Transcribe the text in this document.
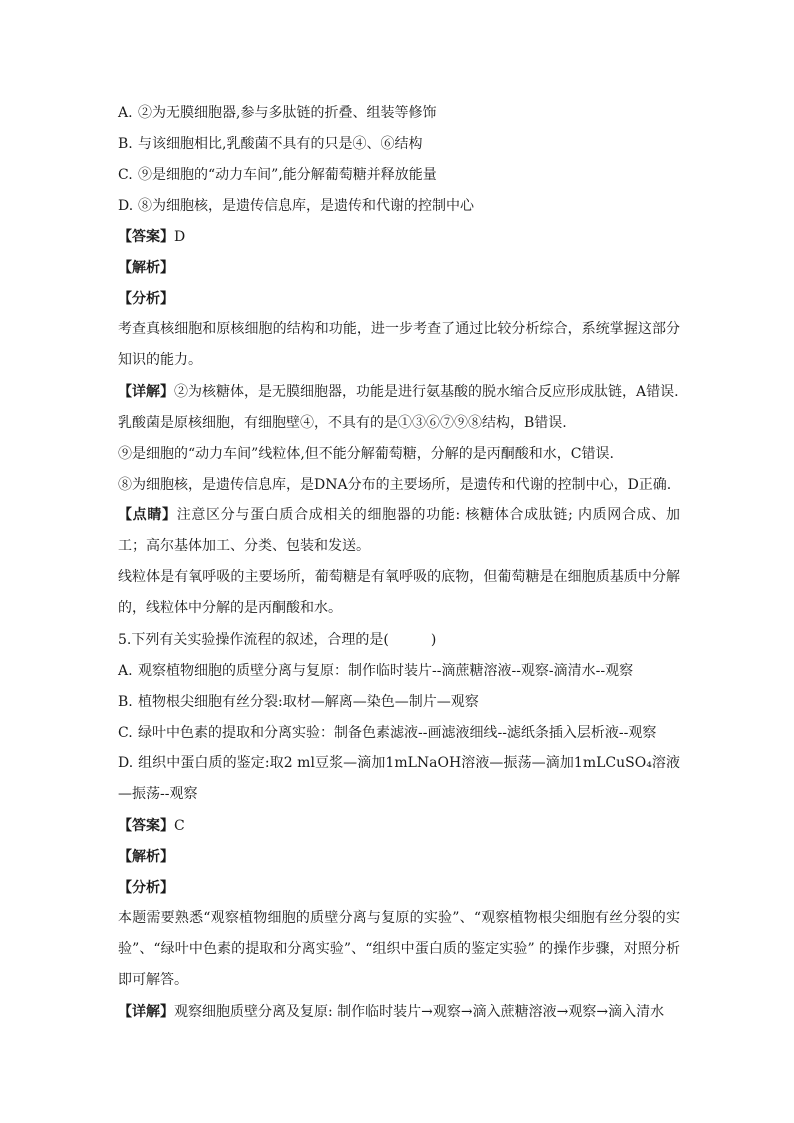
A. ②为无膜细胞器,参与多肽链的折叠、组装等修饰
B. 与该细胞相比,乳酸菌不具有的只是④、⑥结构
C. ⑨是细胞的“动力车间”,能分解葡萄糖并释放能量
D. ⑧为细胞核，是遗传信息库，是遗传和代谢的控制中心
【答案】 D
【解析】
【分析】

考查真核细胞和原核细胞的结构和功能，进一步考查了通过比较分析综合，系统掌握这部分知识的能力。

【详解】 ②为核糖体，是无膜细胞器，功能是进行氨基酸的脱水缩合反应形成肽链，A错误.
乳酸菌是原核细胞，有细胞壁④，不具有的是①③⑥⑦⑨⑧结构，B错误.
⑨是细胞的“动力车间”线粒体,但不能分解葡萄糖，分解的是丙酮酸和水，C错误.
⑧为细胞核，是遗传信息库，是DNA分布的主要场所，是遗传和代谢的控制中心，D正确.

【点睛】注意区分与蛋白质合成相关的细胞器的功能: 核糖体合成肽链; 内质网合成、加工；高尔基体加工、分类、包装和发送。

线粒体是有氧呼吸的主要场所，葡萄糖是有氧呼吸的底物，但葡萄糖是在细胞质基质中分解的，线粒体中分解的是丙酮酸和水。

5.下列有关实验操作流程的叙述，合理的是(　　　)
A. 观察植物细胞的质壁分离与复原：制作临时装片--滴蔗糖溶液--观察-滴清水--观察
B. 植物根尖细胞有丝分裂:取材—解离—染色—制片—观察
C. 绿叶中色素的提取和分离实验：制备色素滤液--画滤液细线--滤纸条插入层析液--观察

D. 组织中蛋白质的鉴定:取2 ml豆浆—滴加1mLNaOH溶液—振荡—滴加1mLCuSO₄溶液—振荡--观察

【答案】 C
【解析】
【分析】

本题需要熟悉“观察植物细胞的质壁分离与复原的实验”、“观察植物根尖细胞有丝分裂的实验”、“绿叶中色素的提取和分离实验”、“组织中蛋白质的鉴定实验” 的操作步骤，对照分析即可解答。

【详解】 观察细胞质壁分离及复原: 制作临时装片→观察→滴入蔗糖溶液→观察→滴入清水
